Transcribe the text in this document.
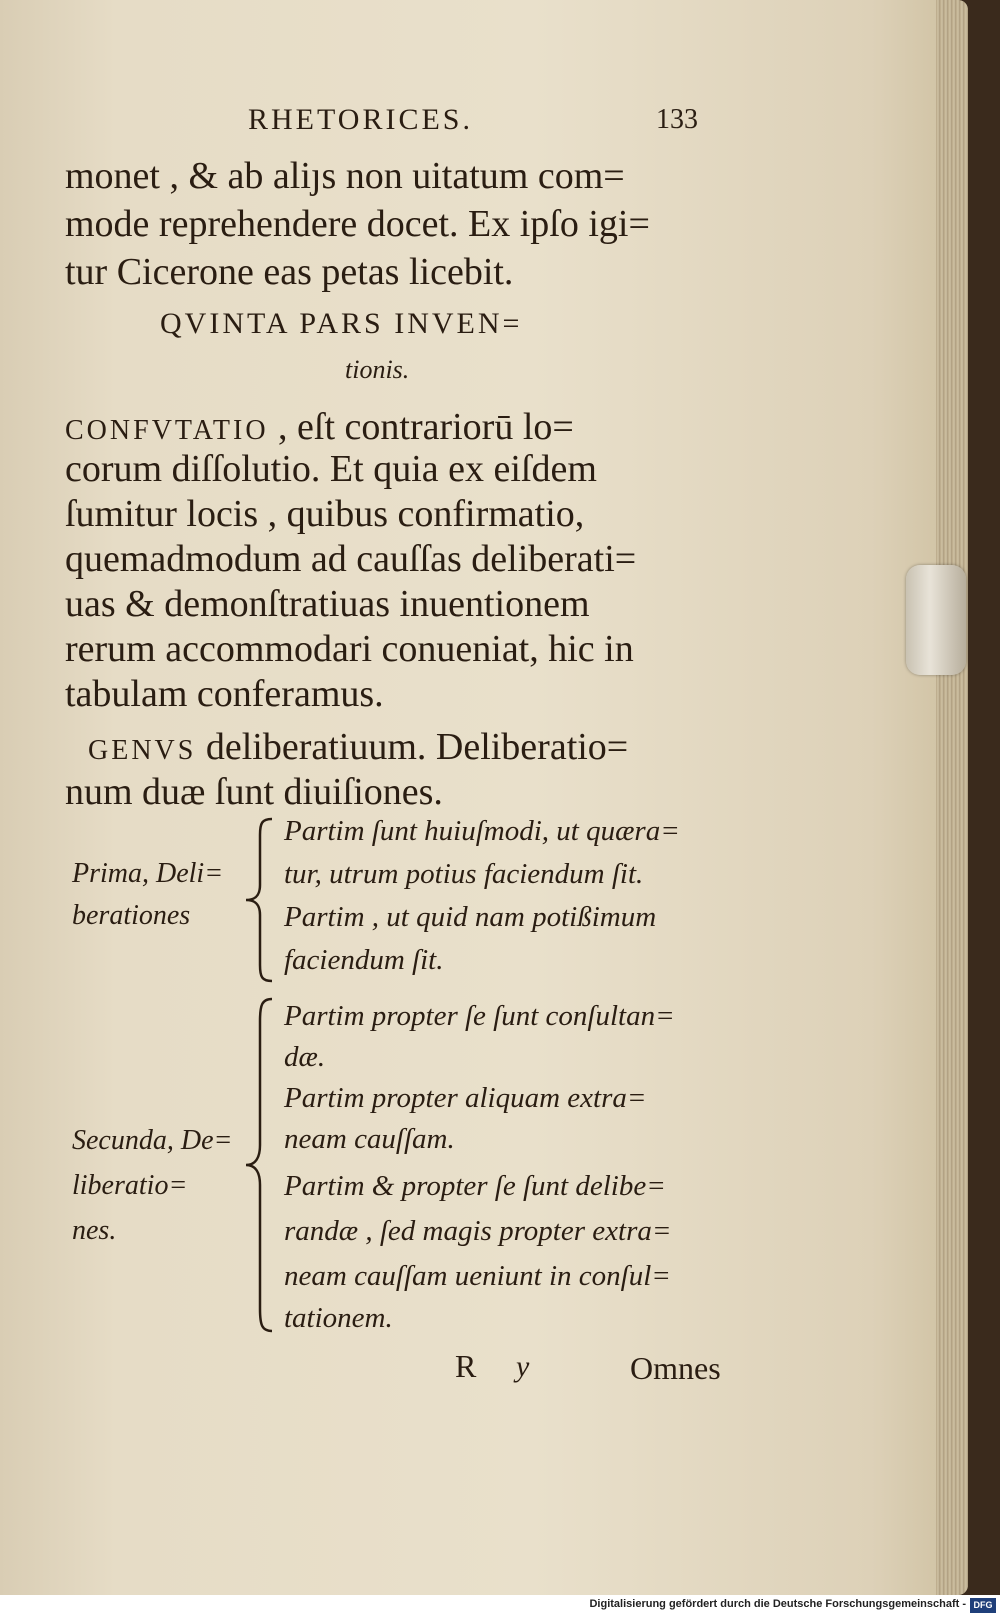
RHETORICES.	133
monet , & ab aliȷs non uitatum com=
mode reprehendere docet. Ex ipſo igi=
tur Cicerone eas petas licebit.
QVINTA PARS INVEN=
tionis.
CONFVTATIO , eſt contrariorū lo=
corum diſſolutio. Et quia ex eiſdem
ſumitur locis , quibus confirmatio,
quemadmodum ad cauſſas deliberati=
uas & demonſtratiuas inuentionem
rerum accommodari conueniat, hic in
tabulam conferamus.
GENVS deliberatiuum. Deliberatio=
num duæ ſunt diuiſiones.
Prima, Deli=
berationes
Partim ſunt huiuſmodi, ut quæra=
tur, utrum potius faciendum ſit.
Partim , ut quid nam potißimum
faciendum ſit.
Secunda, De=
liberatio=
nes.
Partim propter ſe ſunt conſultan=
dæ.
Partim propter aliquam extra=
neam cauſſam.
Partim & propter ſe ſunt delibe=
randæ , ſed magis propter extra=
neam cauſſam ueniunt in conſul=
tationem.
R y	Omnes
Digitalisierung gefördert durch die Deutsche Forschungsgemeinschaft - DFG
